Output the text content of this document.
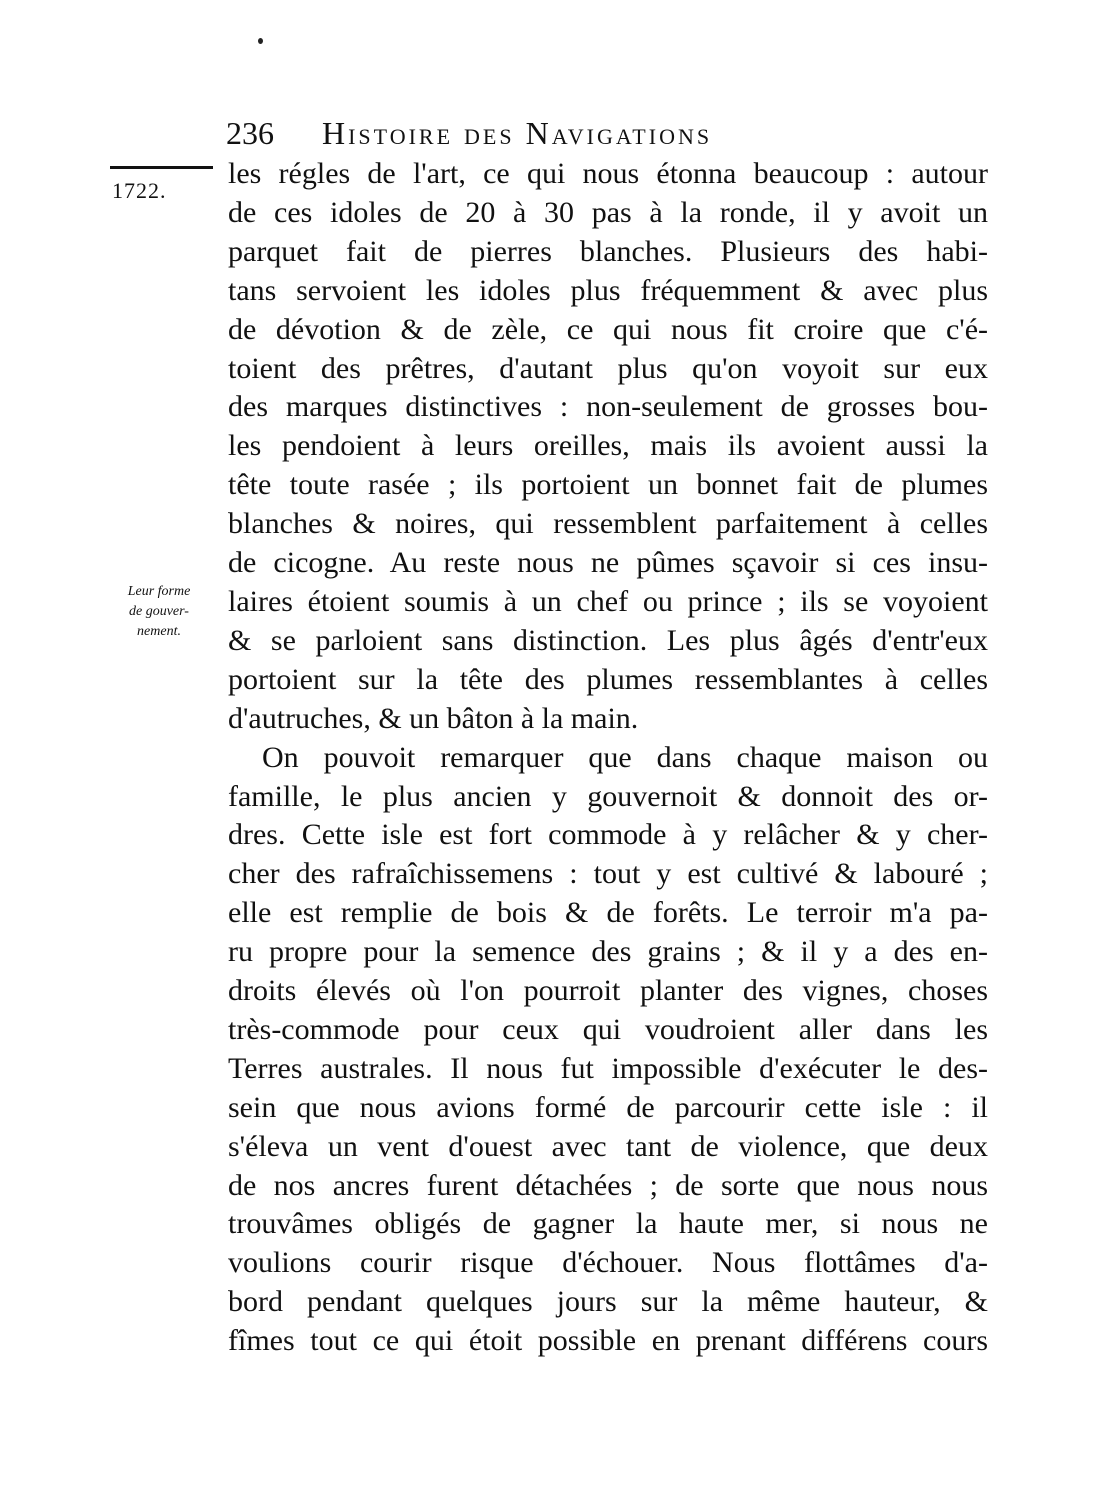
236 Histoire des Navigations
1722.
Leur forme
de gouver-
nement.
les régles de l'art, ce qui nous étonna beaucoup : autour
de ces idoles de 20 à 30 pas à la ronde, il y avoit un
parquet fait de pierres blanches. Plusieurs des habi-
tans servoient les idoles plus fréquemment & avec plus
de dévotion & de zèle, ce qui nous fit croire que c'é-
toient des prêtres, d'autant plus qu'on voyoit sur eux
des marques distinctives : non-seulement de grosses bou-
les pendoient à leurs oreilles, mais ils avoient aussi la
tête toute rasée ; ils portoient un bonnet fait de plumes
blanches & noires, qui ressemblent parfaitement à celles
de cicogne. Au reste nous ne pûmes sçavoir si ces insu-
laires étoient soumis à un chef ou prince ; ils se voyoient
& se parloient sans distinction. Les plus âgés d'entr'eux
portoient sur la tête des plumes ressemblantes à celles
d'autruches, & un bâton à la main.
On pouvoit remarquer que dans chaque maison ou
famille, le plus ancien y gouvernoit & donnoit des or-
dres. Cette isle est fort commode à y relâcher & y cher-
cher des rafraîchissemens : tout y est cultivé & labouré ;
elle est remplie de bois & de forêts. Le terroir m'a pa-
ru propre pour la semence des grains ; & il y a des en-
droits élevés où l'on pourroit planter des vignes, choses
très-commode pour ceux qui voudroient aller dans les
Terres australes. Il nous fut impossible d'exécuter le des-
sein que nous avions formé de parcourir cette isle : il
s'éleva un vent d'ouest avec tant de violence, que deux
de nos ancres furent détachées ; de sorte que nous nous
trouvâmes obligés de gagner la haute mer, si nous ne
voulions courir risque d'échouer. Nous flottâmes d'a-
bord pendant quelques jours sur la même hauteur, &
fîmes tout ce qui étoit possible en prenant différens cours
